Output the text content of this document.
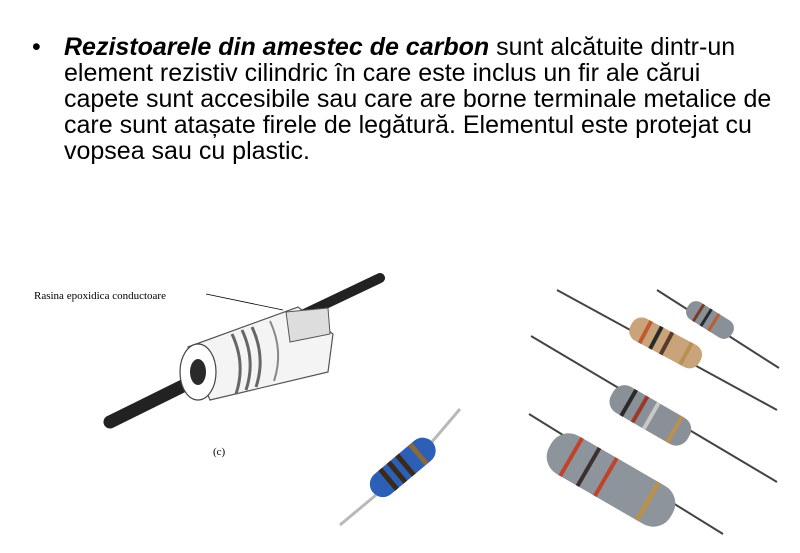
• Rezistoarele din amestec de carbon sunt alcătuite dintr-un element rezistiv cilindric în care este inclus un fir ale cărui capete sunt accesibile sau care are borne terminale metalice de care sunt atașate firele de legătură. Elementul este protejat cu vopsea sau cu plastic.
Rasina epoxidica conductoare
(c)
